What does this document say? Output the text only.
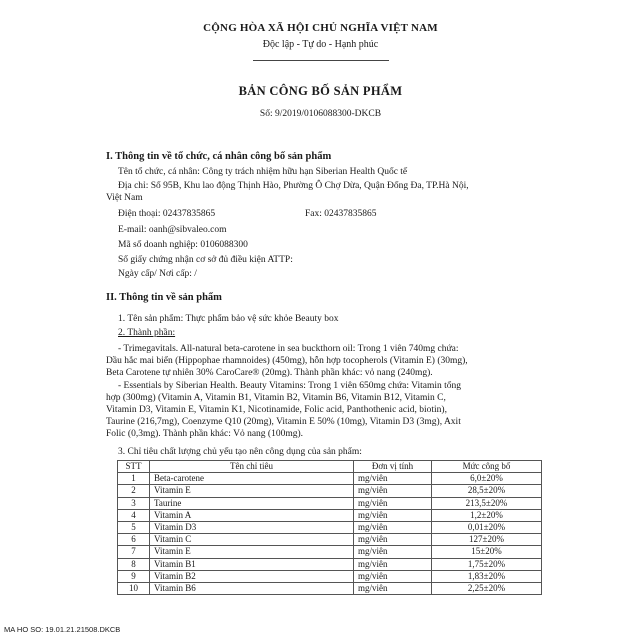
CỘNG HÒA XÃ HỘI CHỦ NGHĨA VIỆT NAM
Độc lập - Tự do - Hạnh phúc
BẢN CÔNG BỐ SẢN PHẨM
Số: 9/2019/0106088300-DKCB
I. Thông tin về tổ chức, cá nhân công bố sản phẩm
Tên tổ chức, cá nhân: Công ty trách nhiệm hữu hạn Siberian Health Quốc tế
Địa chỉ: Số 95B, Khu lao động Thịnh Hào, Phường Ô Chợ Dừa, Quận Đống Đa, TP.Hà Nội,
Việt Nam
Điện thoại: 02437835865	Fax: 02437835865
E-mail: oanh@sibvaleo.com
Mã số doanh nghiệp: 0106088300
Số giấy chứng nhận cơ sở đủ điều kiện ATTP:
Ngày cấp/ Nơi cấp: /
II. Thông tin về sản phẩm
1. Tên sản phẩm: Thực phẩm bảo vệ sức khỏe Beauty box
2. Thành phần:
- Trimegavitals. All-natural beta-carotene in sea buckthorn oil: Trong 1 viên 740mg chứa:
Dầu hắc mai biển (Hippophae rhamnoides) (450mg), hỗn hợp tocopherols (Vitamin E) (30mg),
Beta Carotene tự nhiên 30% CaroCare® (20mg). Thành phần khác: vỏ nang (240mg).
- Essentials by Siberian Health. Beauty Vitamins: Trong 1 viên 650mg chứa: Vitamin tổng
hợp (300mg) (Vitamin A, Vitamin B1, Vitamin B2, Vitamin B6, Vitamin B12, Vitamin C,
Vitamin D3, Vitamin E, Vitamin K1, Nicotinamide, Folic acid, Panthothenic acid, biotin),
Taurine (216,7mg), Coenzyme Q10 (20mg), Vitamin E 50% (10mg), Vitamin D3 (3mg), Axit
Folic (0,3mg). Thành phần khác: Vỏ nang (100mg).
3. Chỉ tiêu chất lượng chủ yếu tạo nên công dụng của sản phẩm:
STT	Tên chỉ tiêu	Đơn vị tính	Mức công bố
1	Beta-carotene	mg/viên	6,0±20%
2	Vitamin E	mg/viên	28,5±20%
3	Taurine	mg/viên	213,5±20%
4	Vitamin A	mg/viên	1,2±20%
5	Vitamin D3	mg/viên	0,01±20%
6	Vitamin C	mg/viên	127±20%
7	Vitamin E	mg/viên	15±20%
8	Vitamin B1	mg/viên	1,75±20%
9	Vitamin B2	mg/viên	1,83±20%
10	Vitamin B6	mg/viên	2,25±20%
MA HO SO: 19.01.21.21508.DKCB
